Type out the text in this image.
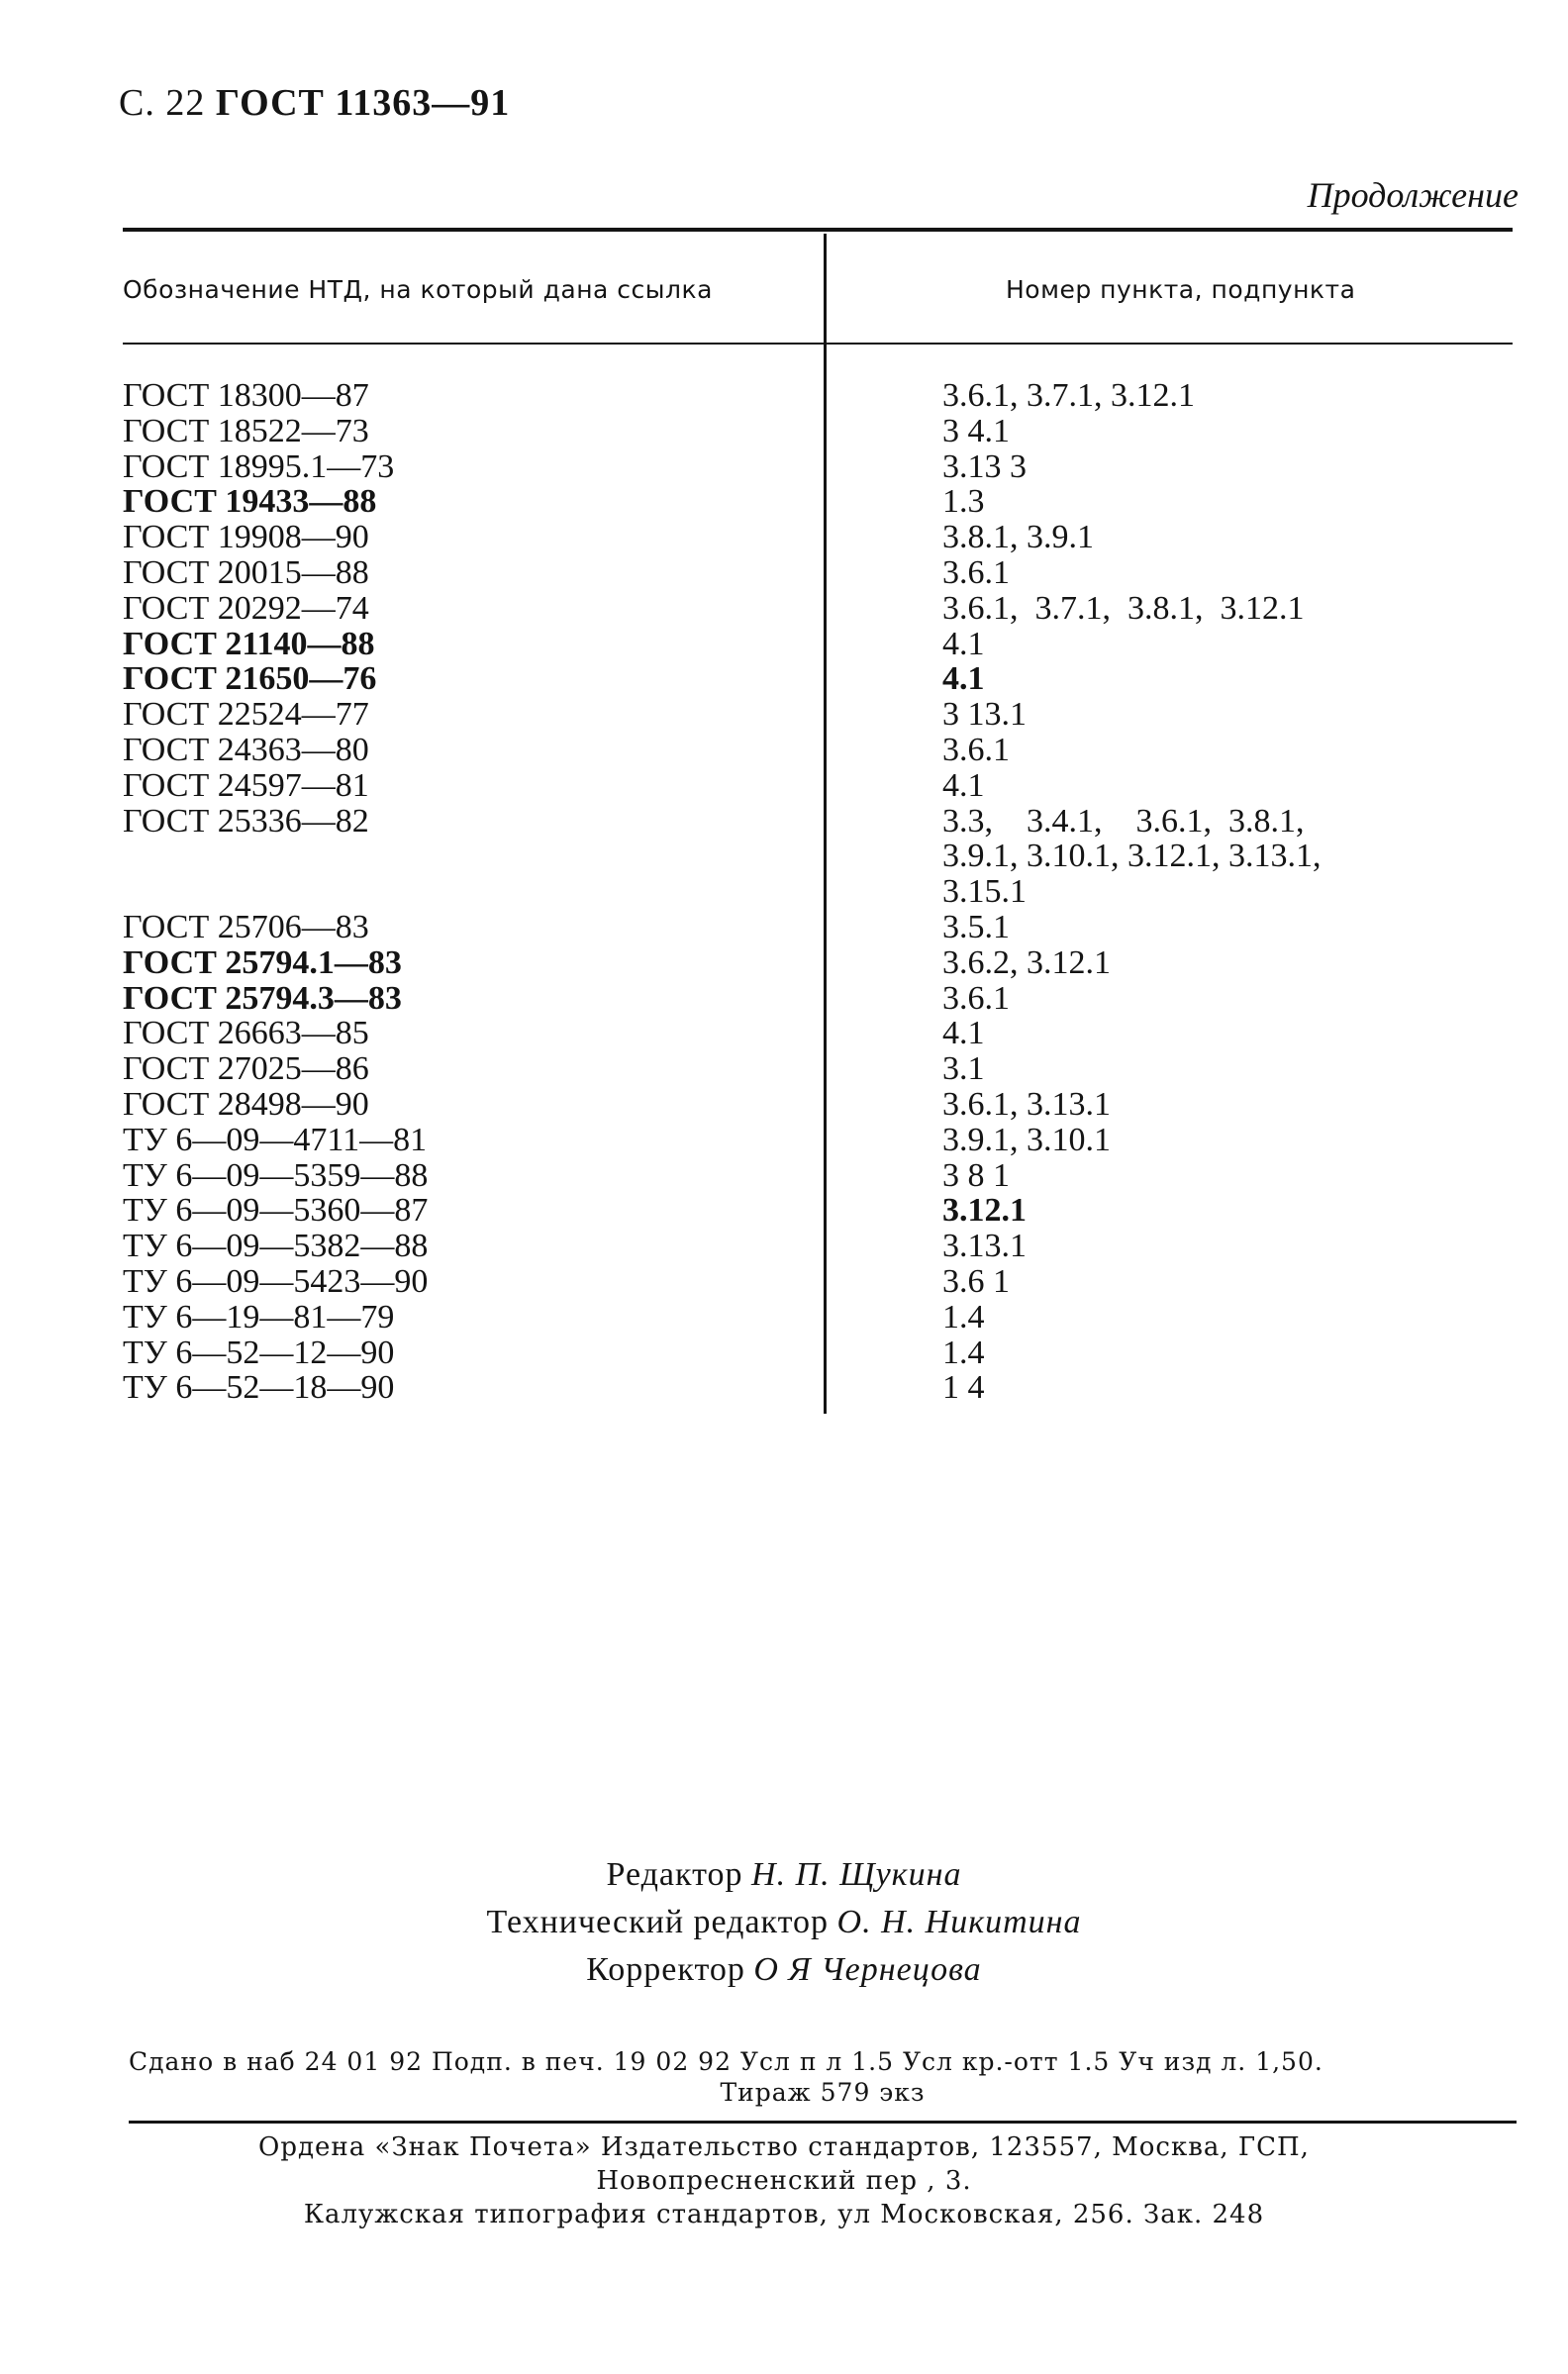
С. 22 ГОСТ 11363—91
Продолжение
Обозначение НТД, на который дана ссылка	Номер пункта, подпункта
ГОСТ 18300—87	3.6.1, 3.7.1, 3.12.1
ГОСТ 18522—73	3 4.1
ГОСТ 18995.1—73	3.13 3
ГОСТ 19433—88	1.3
ГОСТ 19908—90	3.8.1, 3.9.1
ГОСТ 20015—88	3.6.1
ГОСТ 20292—74	3.6.1,  3.7.1,  3.8.1,  3.12.1
ГОСТ 21140—88	4.1
ГОСТ 21650—76	4.1
ГОСТ 22524—77	3 13.1
ГОСТ 24363—80	3.6.1
ГОСТ 24597—81	4.1
ГОСТ 25336—82	3.3,    3.4.1,    3.6.1,  3.8.1, 3.9.1, 3.10.1, 3.12.1, 3.13.1, 3.15.1
ГОСТ 25706—83	3.5.1
ГОСТ 25794.1—83	3.6.2, 3.12.1
ГОСТ 25794.3—83	3.6.1
ГОСТ 26663—85	4.1
ГОСТ 27025—86	3.1
ГОСТ 28498—90	3.6.1, 3.13.1
ТУ 6—09—4711—81	3.9.1, 3.10.1
ТУ 6—09—5359—88	3 8 1
ТУ 6—09—5360—87	3.12.1
ТУ 6—09—5382—88	3.13.1
ТУ 6—09—5423—90	3.6 1
ТУ 6—19—81—79	1.4
ТУ 6—52—12—90	1.4
ТУ 6—52—18—90	1 4
Редактор Н. П. Щукина
Технический редактор О. Н. Никитина
Корректор О Я Чернецова
Сдано в наб 24 01 92 Подп. в печ. 19 02 92 Усл п л 1.5 Усл кр.-отт 1.5 Уч изд л. 1,50.
Тираж 579 экз
Ордена «Знак Почета» Издательство стандартов, 123557, Москва, ГСП,
Новопресненский пер , 3.
Калужская типография стандартов, ул Московская, 256. Зак. 248
